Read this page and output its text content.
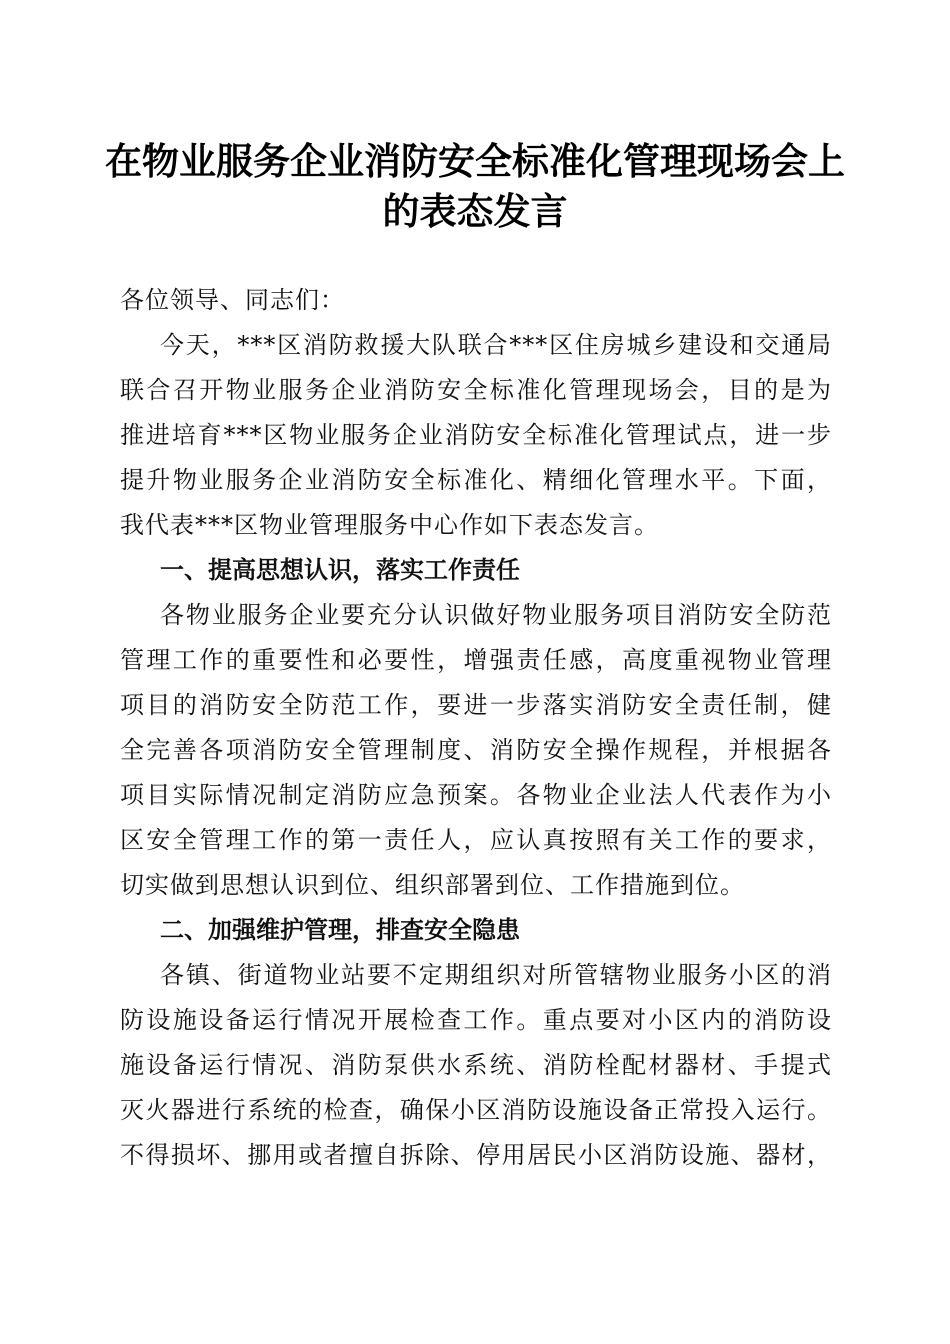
在物业服务企业消防安全标准化管理现场会上
的表态发言
各位领导、同志们：
今天，***区消防救援大队联合***区住房城乡建设和交通局
联合召开物业服务企业消防安全标准化管理现场会，目的是为
推进培育***区物业服务企业消防安全标准化管理试点，进一步
提升物业服务企业消防安全标准化、精细化管理水平。下面，
我代表***区物业管理服务中心作如下表态发言。
一、提高思想认识，落实工作责任
各物业服务企业要充分认识做好物业服务项目消防安全防范
管理工作的重要性和必要性，增强责任感，高度重视物业管理
项目的消防安全防范工作，要进一步落实消防安全责任制，健
全完善各项消防安全管理制度、消防安全操作规程，并根据各
项目实际情况制定消防应急预案。各物业企业法人代表作为小
区安全管理工作的第一责任人，应认真按照有关工作的要求，
切实做到思想认识到位、组织部署到位、工作措施到位。
二、加强维护管理，排查安全隐患
各镇、街道物业站要不定期组织对所管辖物业服务小区的消
防设施设备运行情况开展检查工作。重点要对小区内的消防设
施设备运行情况、消防泵供水系统、消防栓配材器材、手提式
灭火器进行系统的检查，确保小区消防设施设备正常投入运行。
不得损坏、挪用或者擅自拆除、停用居民小区消防设施、器材，
